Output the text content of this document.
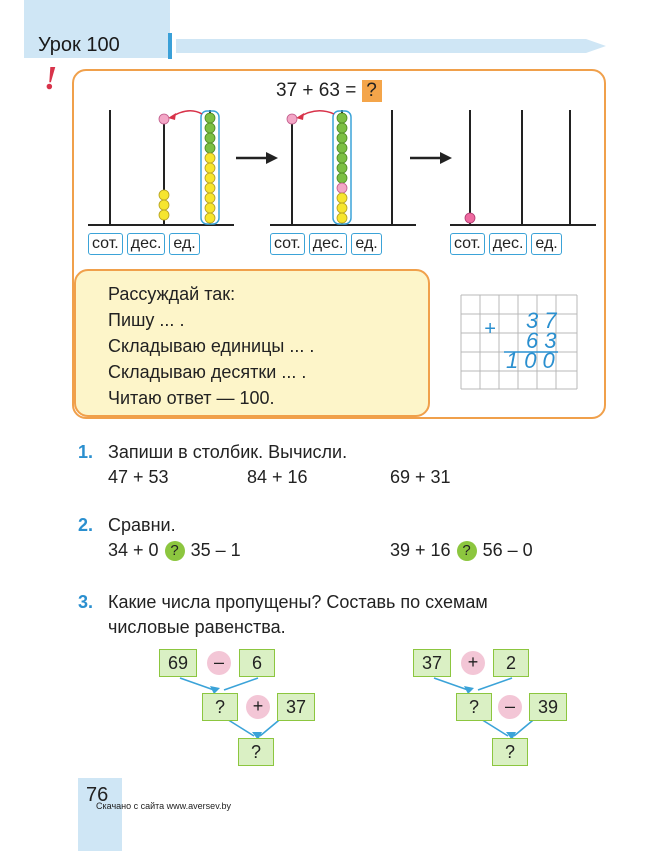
Урок 100
!	37 + 63 = ?
сот. дес. ед.	сот. дес. ед.	сот. дес. ед.
Рассуждай так:
Пишу ... .
Складываю единицы ... .
Складываю десятки ... .
Читаю ответ — 100.
+ 37
63
100
1. Запиши в столбик. Вычисли.
47 + 53	84 + 16	69 + 31
2. Сравни.
34 + 0 ? 35 – 1	39 + 16 ? 56 – 0
3. Какие числа пропущены? Составь по схемам
числовые равенства.
69	–	6
?	+	37
?
37	+	2
?	–	39
?
76
Скачано с сайта www.aversev.by
